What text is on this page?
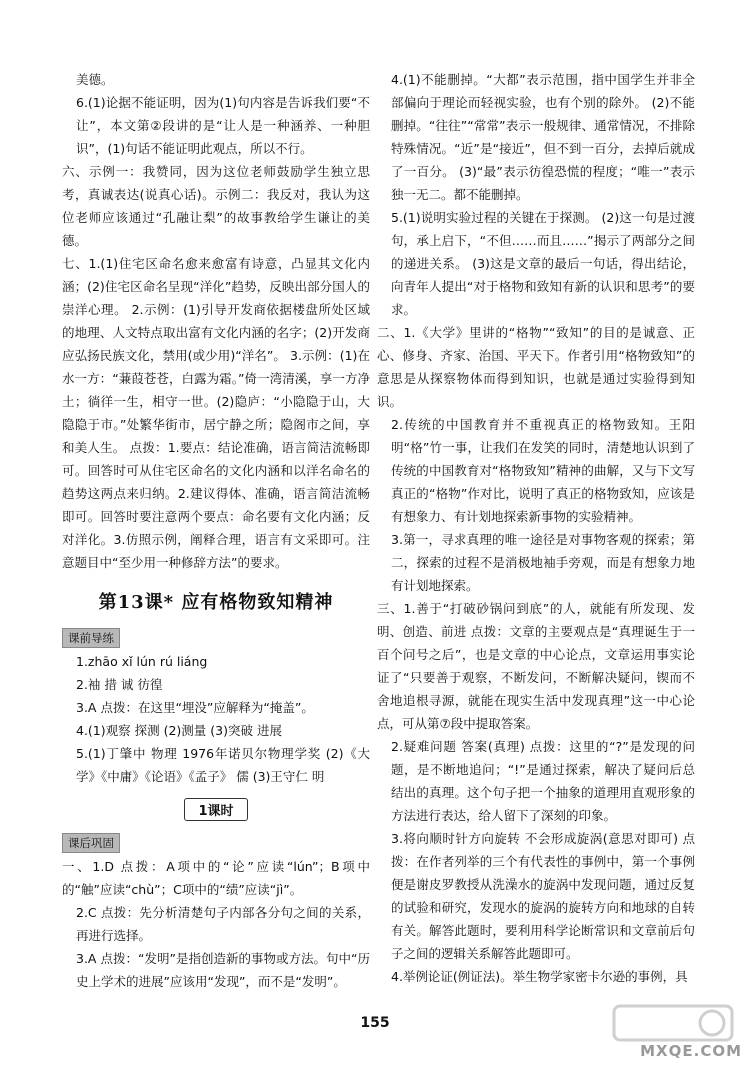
美德。

6.(1)论据不能证明，因为(1)句内容是告诉我们要“不让”，本文第②段讲的是“让人是一种涵养、一种胆识”，(1)句话不能证明此观点，所以不行。

六、示例一：我赞同，因为这位老师鼓励学生独立思考，真诚表达(说真心话)。示例二：我反对，我认为这位老师应该通过“孔融让梨”的故事教给学生谦让的美德。

七、1.(1)住宅区命名愈来愈富有诗意，凸显其文化内涵；(2)住宅区命名呈现“洋化”趋势，反映出部分国人的崇洋心理。 2.示例：(1)引导开发商依据楼盘所处区域的地理、人文特点取出富有文化内涵的名字；(2)开发商应弘扬民族文化，禁用(或少用)“洋名”。 3.示例：(1)在水一方：“蒹葭苍苍，白露为霜。”倚一湾清溪，享一方净土；徜徉一生，相守一世。(2)隐庐：“小隐隐于山，大隐隐于市。”处繁华街市，居宁静之所；隐阁市之间，享和美人生。 点拨：1.要点：结论准确，语言简洁流畅即可。回答时可从住宅区命名的文化内涵和以洋名命名的趋势这两点来归纳。2.建议得体、准确，语言简洁流畅即可。回答时要注意两个要点：命名要有文化内涵；反对洋化。3.仿照示例，阐释合理，语言有文采即可。注意题目中“至少用一种修辞方法”的要求。

第13课* 应有格物致知精神
课前导练

1.zhāo xǐ lún rú liáng

2.袖 措 诚 彷徨

3.A 点拨：在这里“埋没”应解释为“掩盖”。

4.(1)观察 探测 (2)测量 (3)突破 进展

5.(1)丁肇中 物理 1976年诺贝尔物理学奖 (2)《大学》《中庸》《论语》《孟子》 儒 (3)王守仁 明

1课时
课后巩固

一、1.D 点拨：A项中的“论”应读“lún”；B项中的“触”应读“chù”；C项中的“绩”应读“jì”。

2.C 点拨：先分析清楚句子内部各分句之间的关系，再进行选择。

3.A 点拨：“发明”是指创造新的事物或方法。句中“历史上学术的进展”应该用“发现”，而不是“发明”。

4.(1)不能删掉。“大都”表示范围，指中国学生并非全部偏向于理论而轻视实验，也有个别的除外。 (2)不能删掉。“往往”“常常”表示一般规律、通常情况，不排除特殊情况。“近”是“接近”，但不到一百分，去掉后就成了一百分。 (3)“最”表示彷徨恐慌的程度；“唯一”表示独一无二。都不能删掉。

5.(1)说明实验过程的关键在于探测。 (2)这一句是过渡句，承上启下，“不但……而且……”揭示了两部分之间的递进关系。 (3)这是文章的最后一句话，得出结论，向青年人提出“对于格物和致知有新的认识和思考”的要求。

二、1.《大学》里讲的“格物”“致知”的目的是诚意、正心、修身、齐家、治国、平天下。作者引用“格物致知”的意思是从探察物体而得到知识，也就是通过实验得到知识。

2.传统的中国教育并不重视真正的格物致知。王阳明“格”竹一事，让我们在发笑的同时，清楚地认识到了传统的中国教育对“格物致知”精神的曲解，又与下文写真正的“格物”作对比，说明了真正的格物致知，应该是有想象力、有计划地探索新事物的实验精神。

3.第一，寻求真理的唯一途径是对事物客观的探索；第二，探索的过程不是消极地袖手旁观，而是有想象力地有计划地探索。

三、1.善于“打破砂锅问到底”的人，就能有所发现、发明、创造、前进 点拨：文章的主要观点是“真理诞生于一百个问号之后”，也是文章的中心论点，文章运用事实论证了“只要善于观察，不断发问，不断解决疑问，锲而不舍地追根寻源，就能在现实生活中发现真理”这一中心论点，可从第⑦段中提取答案。

2.疑难问题 答案(真理) 点拨：这里的“?”是发现的问题，是不断地追问；“!”是通过探索，解决了疑问后总结出的真理。这个句子把一个抽象的道理用直观形象的方法进行表达，给人留下了深刻的印象。

3.将向顺时针方向旋转 不会形成旋涡(意思对即可) 点拨：在作者列举的三个有代表性的事例中，第一个事例便是谢皮罗教授从洗澡水的旋涡中发现问题，通过反复的试验和研究，发现水的旋涡的旋转方向和地球的自转有关。解答此题时，要利用科学论断常识和文章前后句子之间的逻辑关系解答此题即可。

4.举例论证(例证法)。举生物学家密卡尔逊的事例，具

155
MXQE.COM
